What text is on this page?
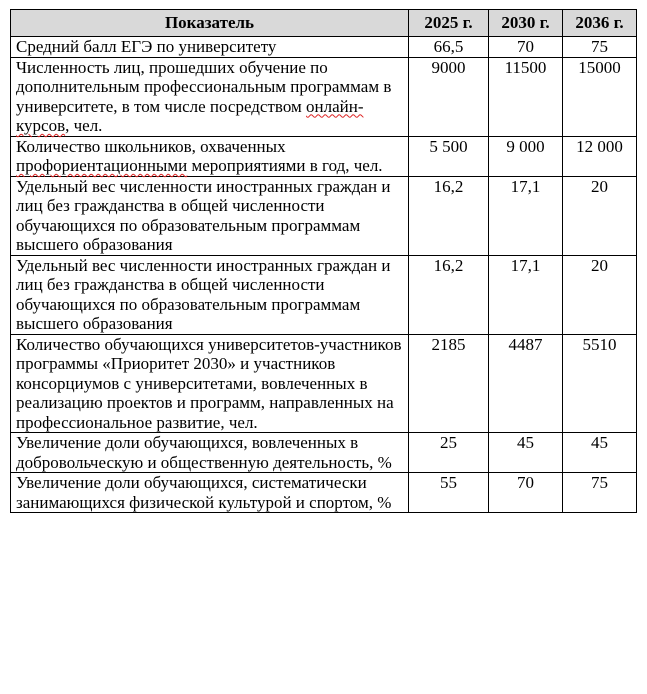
Показатель	2025 г.	2030 г.	2036 г.
Средний балл ЕГЭ по университету	66,5	70	75
Численность лиц, прошедших обучение по дополнительным профессиональным программам в университете, в том числе посредством онлайн-курсов, чел.	9000	11500	15000
Количество школьников, охваченных профориентационными мероприятиями в год, чел.	5 500	9 000	12 000
Удельный вес численности иностранных граждан и лиц без гражданства в общей численности обучающихся по образовательным программам высшего образования	16,2	17,1	20
Удельный вес численности иностранных граждан и лиц без гражданства в общей численности обучающихся по образовательным программам высшего образования	16,2	17,1	20
Количество обучающихся университетов-участников программы «Приоритет 2030» и участников консорциумов с университетами, вовлеченных в реализацию проектов и программ, направленных на профессиональное развитие, чел.	2185	4487	5510
Увеличение доли обучающихся, вовлеченных в добровольческую и общественную деятельность, %	25	45	45
Увеличение доли обучающихся, систематически занимающихся физической культурой и спортом, %	55	70	75
